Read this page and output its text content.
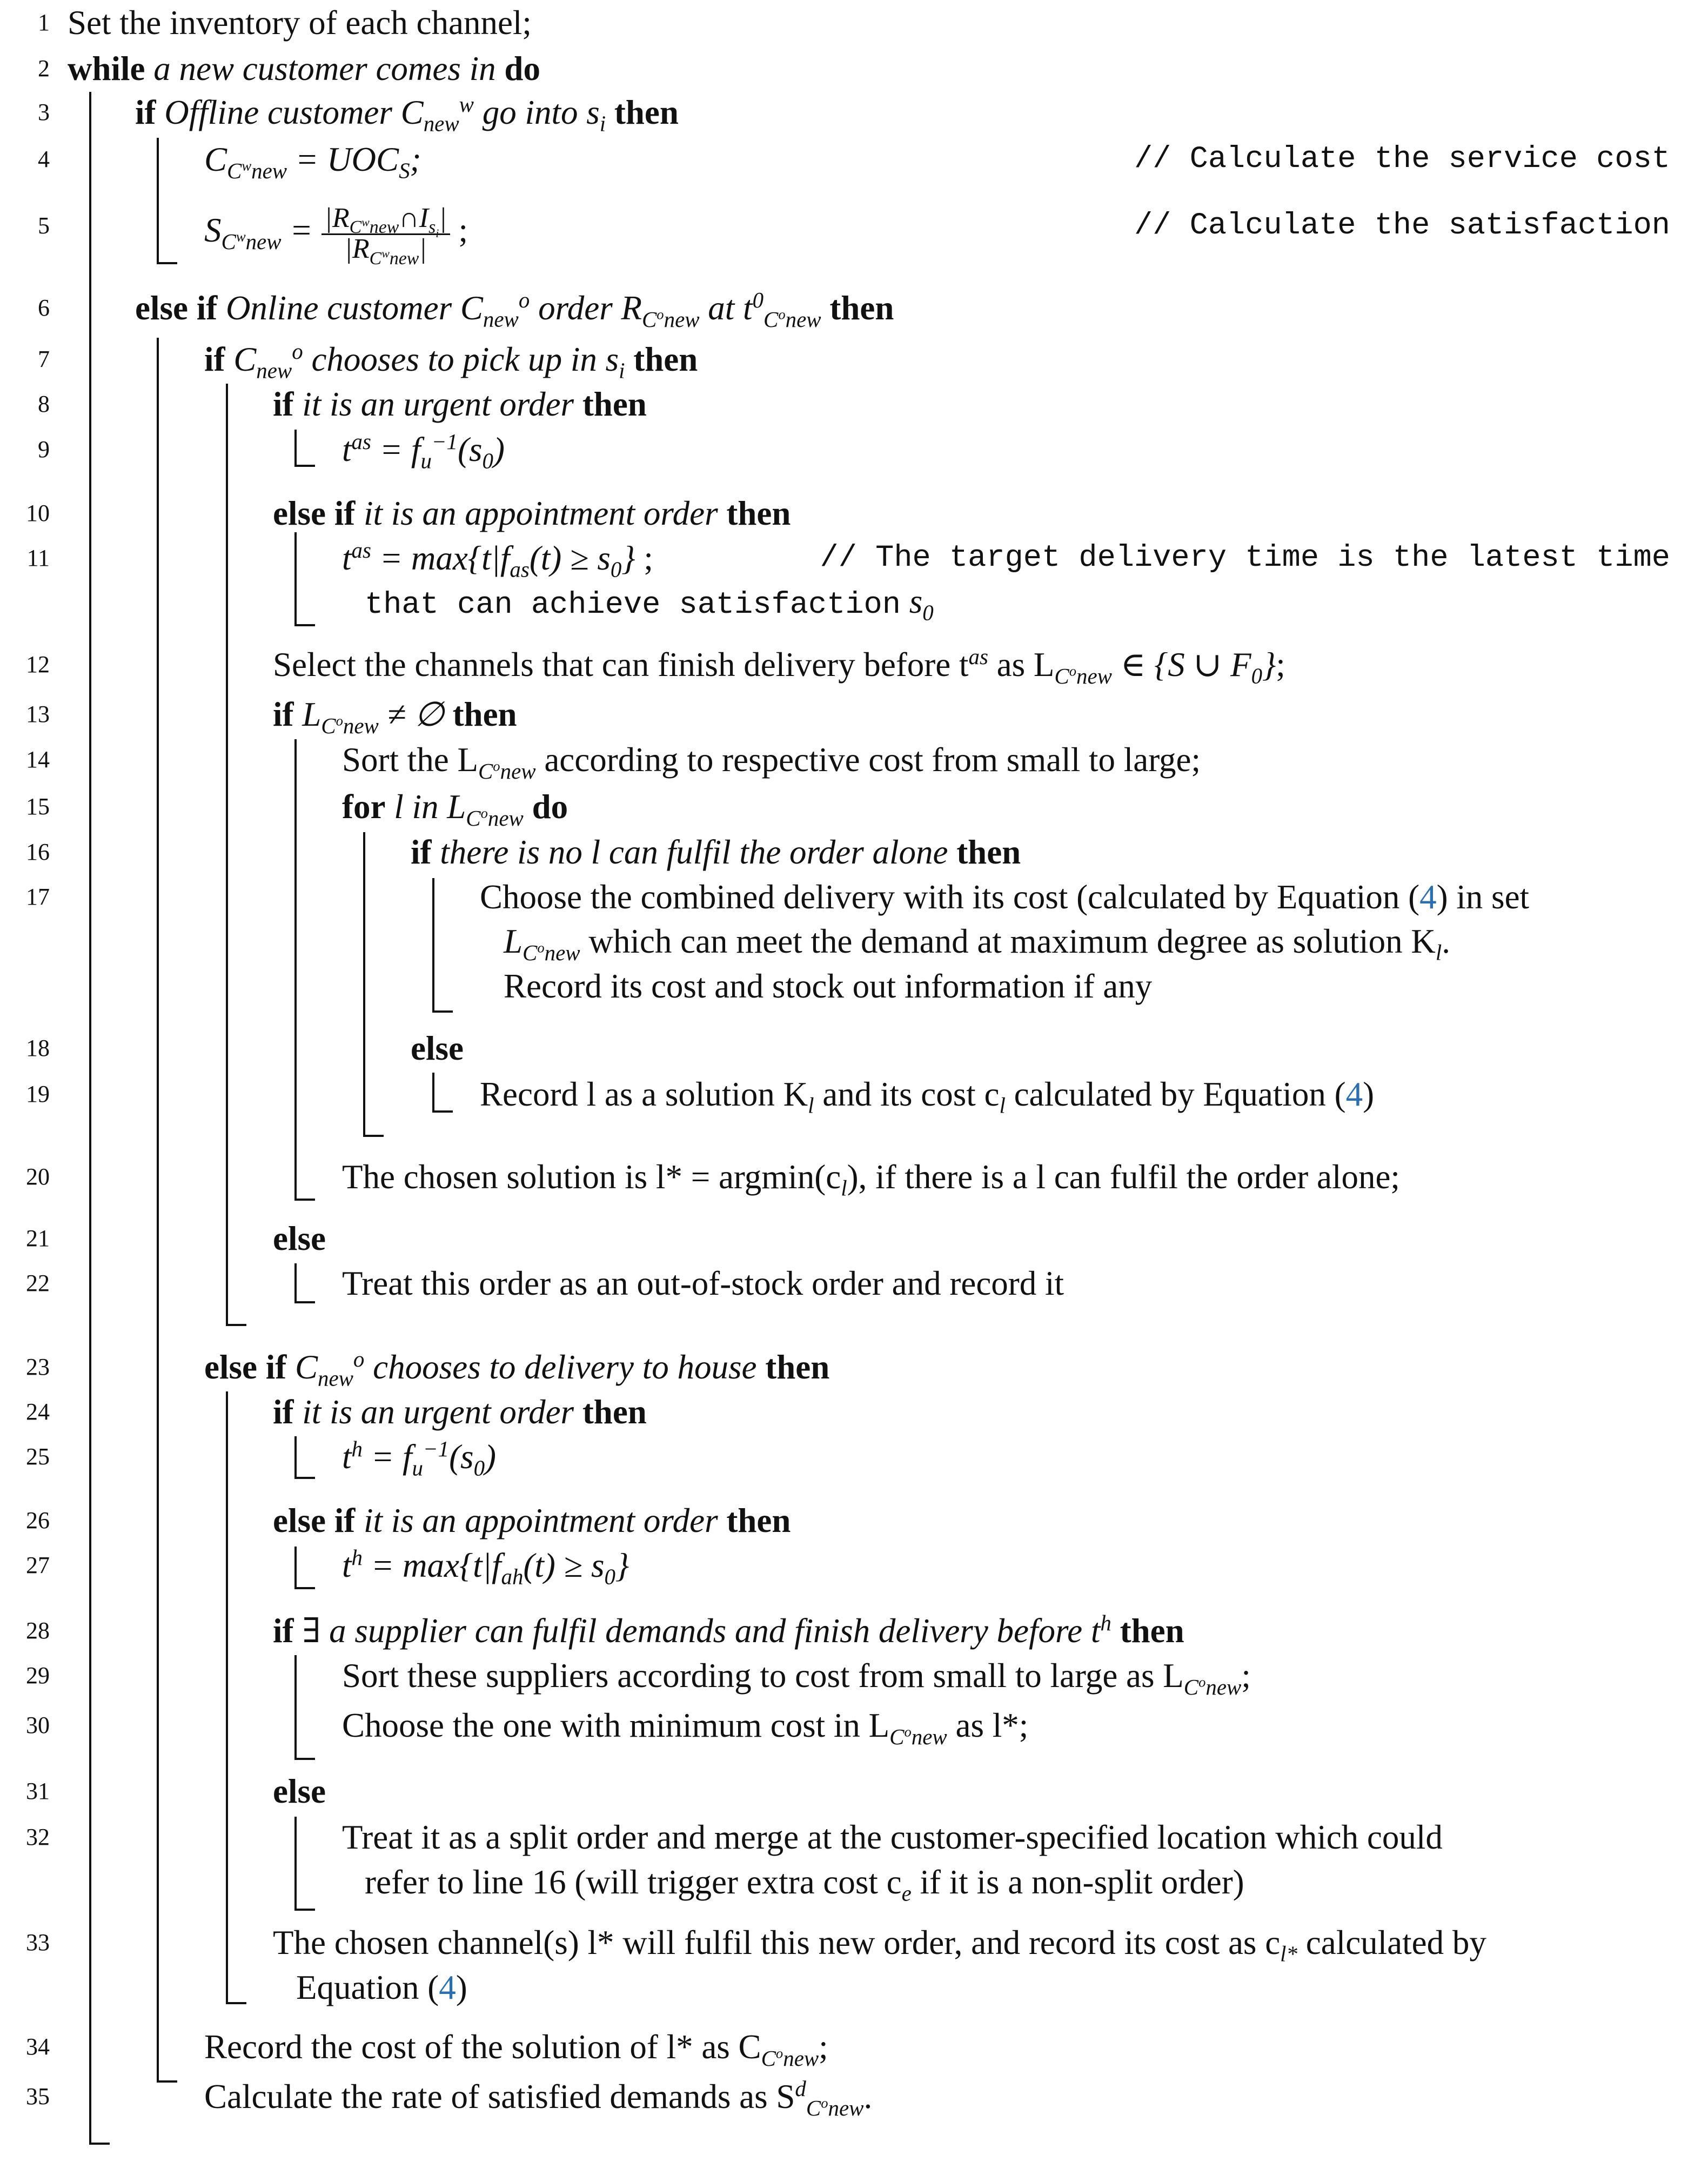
1
2
3
4
5
6
7
8
9
10
11
12
13
14
15
16
17
18
19
20
21
22
23
24
25
26
27
28
29
30
31
32
33
34
35
Set the inventory of each channel;
while a new customer comes in do
if Offline customer $C_{new}^w$ go into $s_i$ then
$C_{C^wnew} = UOC_S$;	// Calculate the service cost
$S_{C^wnew} = \frac{|R_{C^wnew}\cap I_{s_i}|}{|R_{C^wnew}|}$ ;	// Calculate the satisfaction
else if Online customer $C_{new}^o$ order $R_{C^onew}$ at $t^0_{C^onew}$ then
if $C_{new}^o$ chooses to pick up in $s_i$ then
if it is an urgent order then
$t^{as} = f_u^{-1}(s_0)$
else if it is an appointment order then
$t^{as} = \max\{t|f_{as}(t) \ge s_0\}$ ;	// The target delivery time is the latest time
that can achieve satisfaction $s_0$
Select the channels that can finish delivery before $t^{as}$ as $L_{C^onew}$ ∈ {S ∪ $F_0$};
if $L_{C^onew}$ ≠ ∅ then
Sort the $L_{C^onew}$ according to respective cost from small to large;
for l in $L_{C^onew}$ do
if there is no l can fulfil the order alone then
Choose the combined delivery with its cost (calculated by Equation (4) in set
$L_{C^onew}$ which can meet the demand at maximum degree as solution $K_l$.
Record its cost and stock out information if any
else
Record l as a solution $K_l$ and its cost $c_l$ calculated by Equation (4)
The chosen solution is $l* = argmin(c_l)$, if there is a l can fulfil the order alone;
else
Treat this order as an out-of-stock order and record it
else if $C_{new}^o$ chooses to delivery to house then
if it is an urgent order then
$t^h = f_u^{-1}(s_0)$
else if it is an appointment order then
$t^h = \max\{t|f_{ah}(t) \ge s_0\}$
if ∃ a supplier can fulfil demands and finish delivery before $t^h$ then
Sort these suppliers according to cost from small to large as $L_{C^onew}$;
Choose the one with minimum cost in $L_{C^onew}$ as l*;
else
Treat it as a split order and merge at the customer-specified location which could
refer to line 16 (will trigger extra cost $c_e$ if it is a non-split order)
The chosen channel(s) l* will fulfil this new order, and record its cost as $c_{l*}$ calculated by
Equation (4)
Record the cost of the solution of l* as $C_{C^onew}$;
Calculate the rate of satisfied demands as $S^d_{C^onew}$.
